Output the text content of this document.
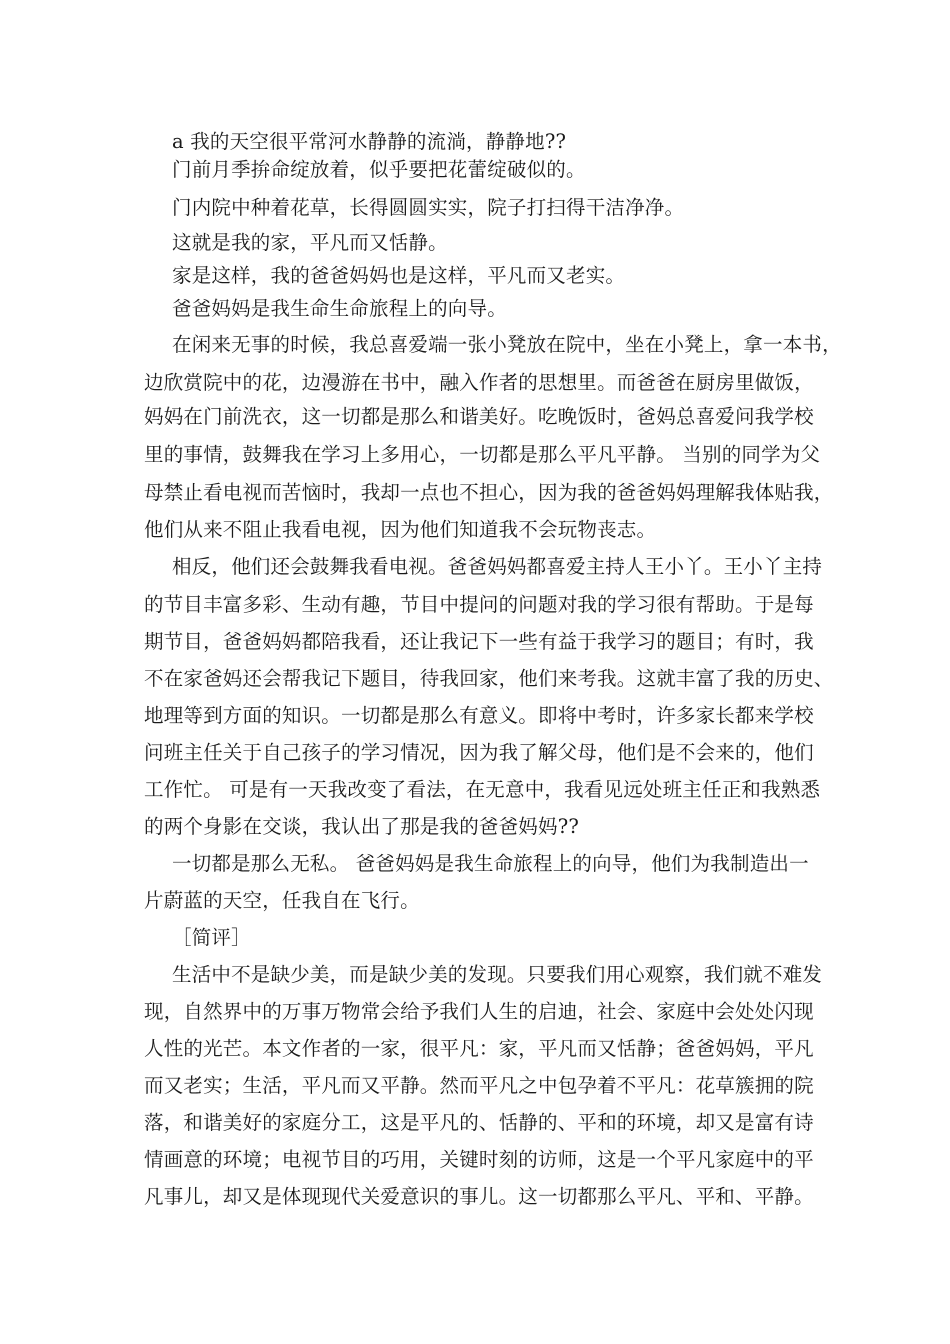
a 我的天空很平常河水静静的流淌，静静地??
门前月季拚命绽放着，似乎要把花蕾绽破似的。
门内院中种着花草，长得圆圆实实，院子打扫得干洁净净。
这就是我的家，平凡而又恬静。
家是这样，我的爸爸妈妈也是这样，平凡而又老实。
爸爸妈妈是我生命生命旅程上的向导。
在闲来无事的时候，我总喜爱端一张小凳放在院中，坐在小凳上，拿一本书，
边欣赏院中的花，边漫游在书中，融入作者的思想里。而爸爸在厨房里做饭，
妈妈在门前洗衣，这一切都是那么和谐美好。吃晚饭时，爸妈总喜爱问我学校
里的事情，鼓舞我在学习上多用心，一切都是那么平凡平静。 当别的同学为父
母禁止看电视而苦恼时，我却一点也不担心，因为我的爸爸妈妈理解我体贴我，
他们从来不阻止我看电视，因为他们知道我不会玩物丧志。
相反，他们还会鼓舞我看电视。爸爸妈妈都喜爱主持人王小丫。王小丫主持
的节目丰富多彩、生动有趣，节目中提问的问题对我的学习很有帮助。于是每
期节目，爸爸妈妈都陪我看，还让我记下一些有益于我学习的题目；有时，我
不在家爸妈还会帮我记下题目，待我回家，他们来考我。这就丰富了我的历史、
地理等到方面的知识。一切都是那么有意义。即将中考时，许多家长都来学校
问班主任关于自己孩子的学习情况，因为我了解父母，他们是不会来的，他们
工作忙。 可是有一天我改变了看法，在无意中，我看见远处班主任正和我熟悉
的两个身影在交谈，我认出了那是我的爸爸妈妈??
一切都是那么无私。 爸爸妈妈是我生命旅程上的向导，他们为我制造出一
片蔚蓝的天空，任我自在飞行。
［简评］
生活中不是缺少美，而是缺少美的发现。只要我们用心观察，我们就不难发
现，自然界中的万事万物常会给予我们人生的启迪，社会、家庭中会处处闪现
人性的光芒。本文作者的一家，很平凡：家，平凡而又恬静；爸爸妈妈，平凡
而又老实；生活，平凡而又平静。然而平凡之中包孕着不平凡：花草簇拥的院
落，和谐美好的家庭分工，这是平凡的、恬静的、平和的环境，却又是富有诗
情画意的环境；电视节目的巧用，关键时刻的访师，这是一个平凡家庭中的平
凡事儿，却又是体现现代关爱意识的事儿。这一切都那么平凡、平和、平静。
